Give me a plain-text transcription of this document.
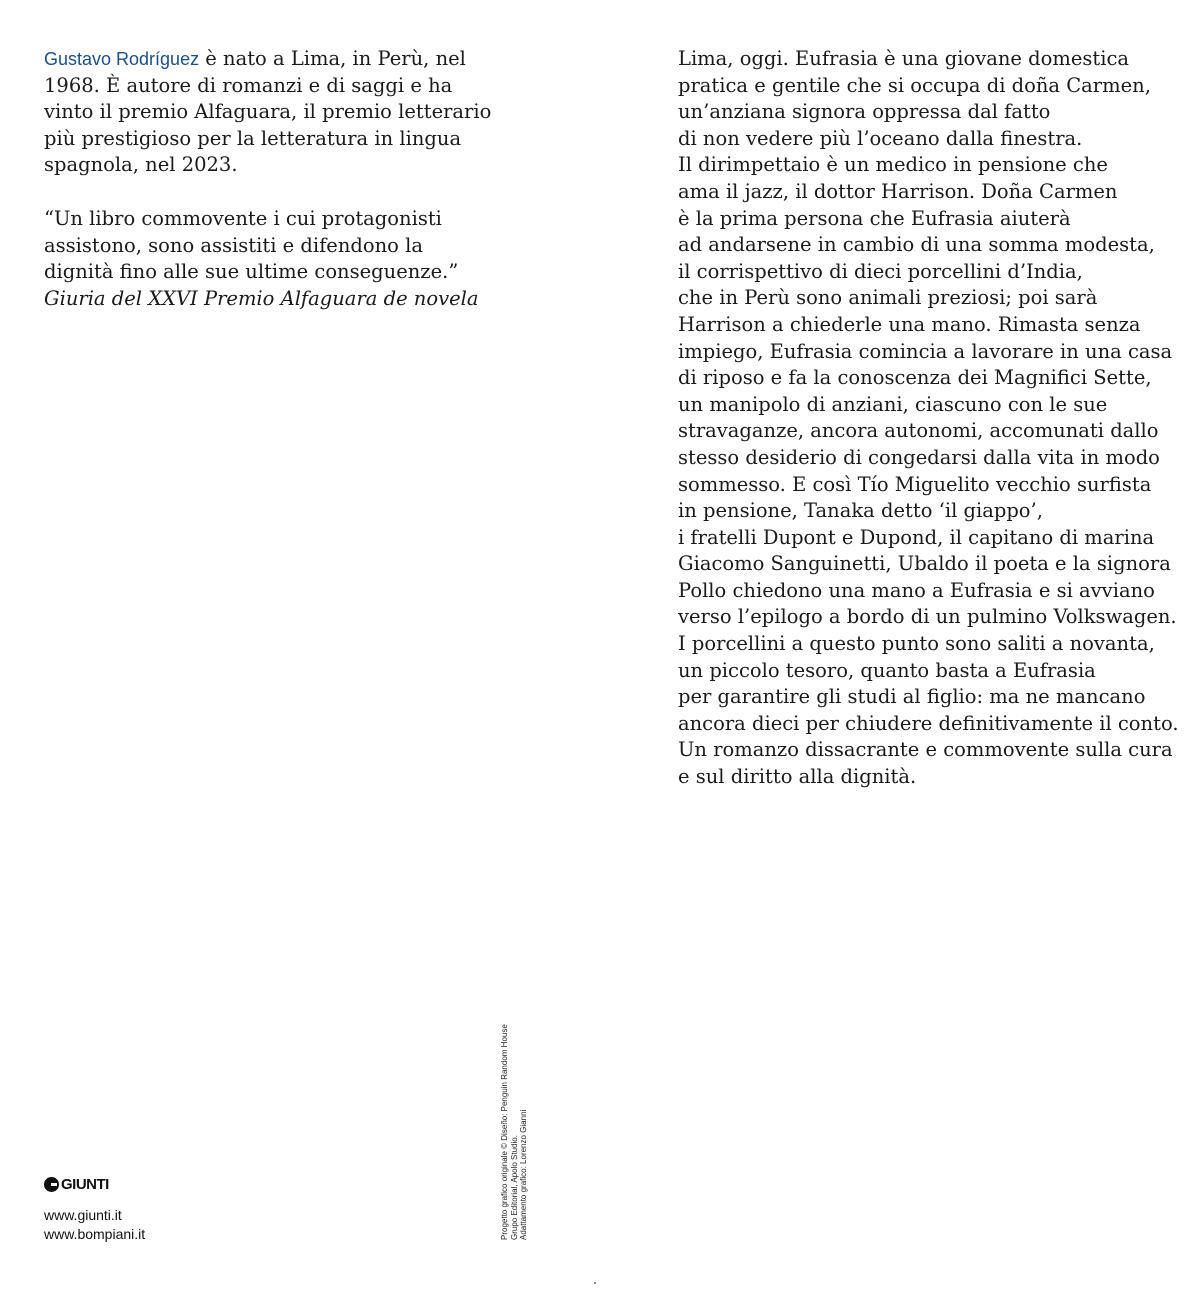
Gustavo Rodríguez è nato a Lima, in Perù, nel 1968. È autore di romanzi e di saggi e ha vinto il premio Alfaguara, il premio letterario più prestigioso per la letteratura in lingua spagnola, nel 2023.

“Un libro commovente i cui protagonisti assistono, sono assistiti e difendono la dignità fino alle sue ultime conseguenze.”
Giuria del XXVI Premio Alfaguara de novela

Lima, oggi. Eufrasia è una giovane domestica
pratica e gentile che si occupa di doña Carmen,
un’anziana signora oppressa dal fatto
di non vedere più l’oceano dalla finestra.
Il dirimpettaio è un medico in pensione che
ama il jazz, il dottor Harrison. Doña Carmen
è la prima persona che Eufrasia aiuterà
ad andarsene in cambio di una somma modesta,
il corrispettivo di dieci porcellini d’India,
che in Perù sono animali preziosi; poi sarà
Harrison a chiederle una mano. Rimasta senza
impiego, Eufrasia comincia a lavorare in una casa
di riposo e fa la conoscenza dei Magnifici Sette,
un manipolo di anziani, ciascuno con le sue
stravaganze, ancora autonomi, accomunati dallo
stesso desiderio di congedarsi dalla vita in modo
sommesso. E così Tío Miguelito vecchio surfista
in pensione, Tanaka detto ‘il giappo’,
i fratelli Dupont e Dupond, il capitano di marina
Giacomo Sanguinetti, Ubaldo il poeta e la signora
Pollo chiedono una mano a Eufrasia e si avviano
verso l’epilogo a bordo di un pulmino Volkswagen.
I porcellini a questo punto sono saliti a novanta,
un piccolo tesoro, quanto basta a Eufrasia
per garantire gli studi al figlio: ma ne mancano
ancora dieci per chiudere definitivamente il conto.
Un romanzo dissacrante e commovente sulla cura
e sul diritto alla dignità.
GIUNTI
www.giunti.it
www.bompiani.it	Progetto grafico originale © Diseño: Penguin Random House Grupo Editorial, Apolo Studio. Adattamento grafico: Lorenzo Gianni
